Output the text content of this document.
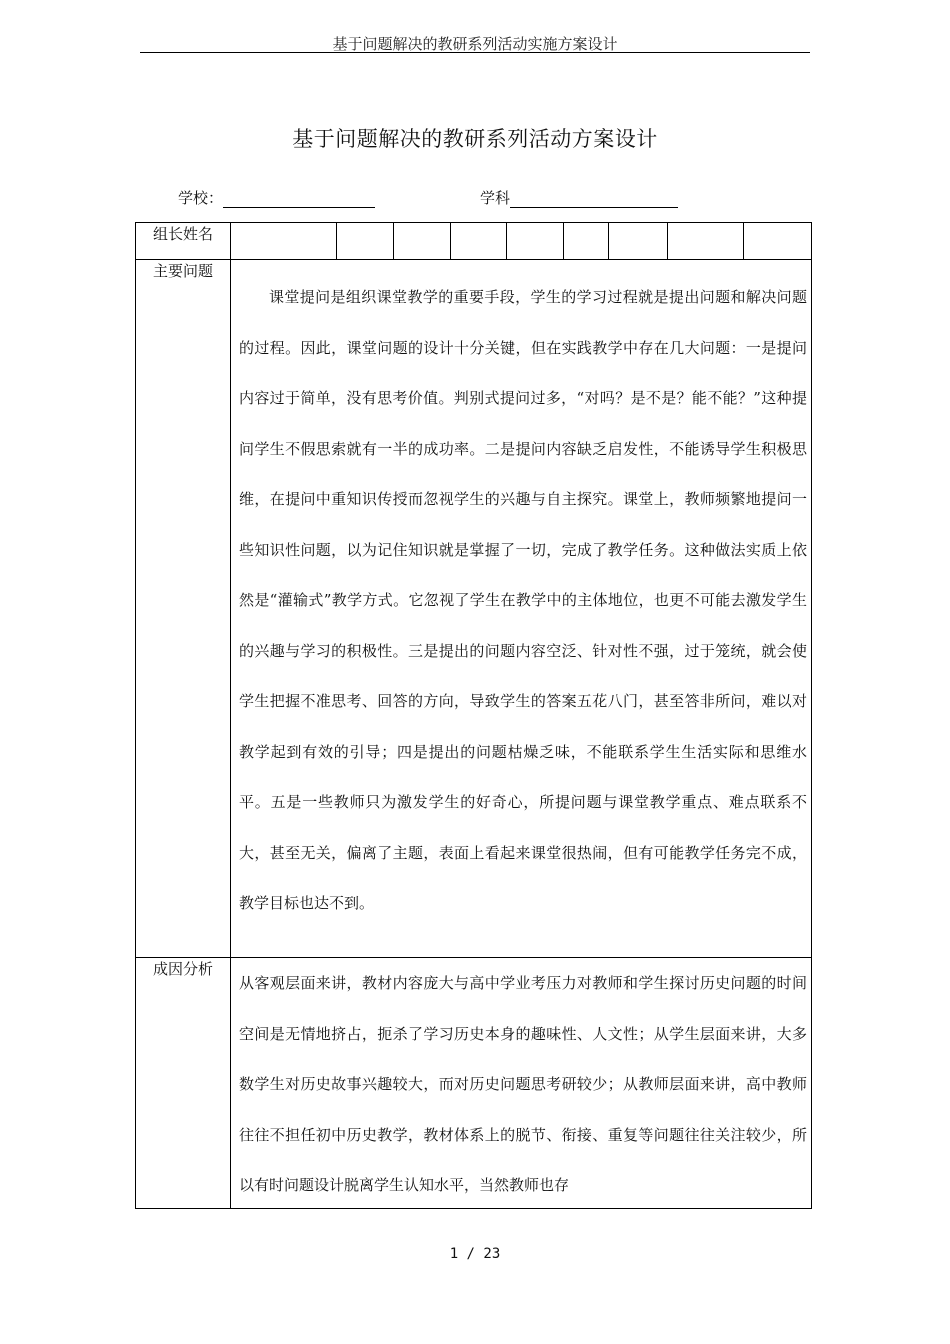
基于问题解决的教研系列活动实施方案设计
基于问题解决的教研系列活动方案设计
学校：	学科
组长姓名									
主要问题	课堂提问是组织课堂教学的重要手段，学生的学习过程就是提出问题和解决问题的过程。因此，课堂问题的设计十分关键，但在实践教学中存在几大问题：一是提问内容过于简单，没有思考价值。判别式提问过多，“对吗？是不是？能不能？”这种提问学生不假思索就有一半的成功率。二是提问内容缺乏启发性，不能诱导学生积极思维，在提问中重知识传授而忽视学生的兴趣与自主探究。课堂上，教师频繁地提问一些知识性问题，以为记住知识就是掌握了一切，完成了教学任务。这种做法实质上依然是“灌输式”教学方式。它忽视了学生在教学中的主体地位，也更不可能去激发学生的兴趣与学习的积极性。三是提出的问题内容空泛、针对性不强，过于笼统，就会使学生把握不准思考、回答的方向，导致学生的答案五花八门，甚至答非所问，难以对教学起到有效的引导；四是提出的问题枯燥乏味，不能联系学生生活实际和思维水平。五是一些教师只为激发学生的好奇心，所提问题与课堂教学重点、难点联系不大，甚至无关，偏离了主题，表面上看起来课堂很热闹，但有可能教学任务完不成，教学目标也达不到。								

成因分析	从客观层面来讲，教材内容庞大与高中学业考压力对教师和学生探讨历史问题的时间空间是无情地挤占，扼杀了学习历史本身的趣味性、人文性；从学生层面来讲，大多数学生对历史故事兴趣较大，而对历史问题思考研较少；从教师层面来讲，高中教师往往不担任初中历史教学，教材体系上的脱节、衔接、重复等问题往往关注较少，所以有时问题设计脱离学生认知水平，当然教师也存								
1 / 23
